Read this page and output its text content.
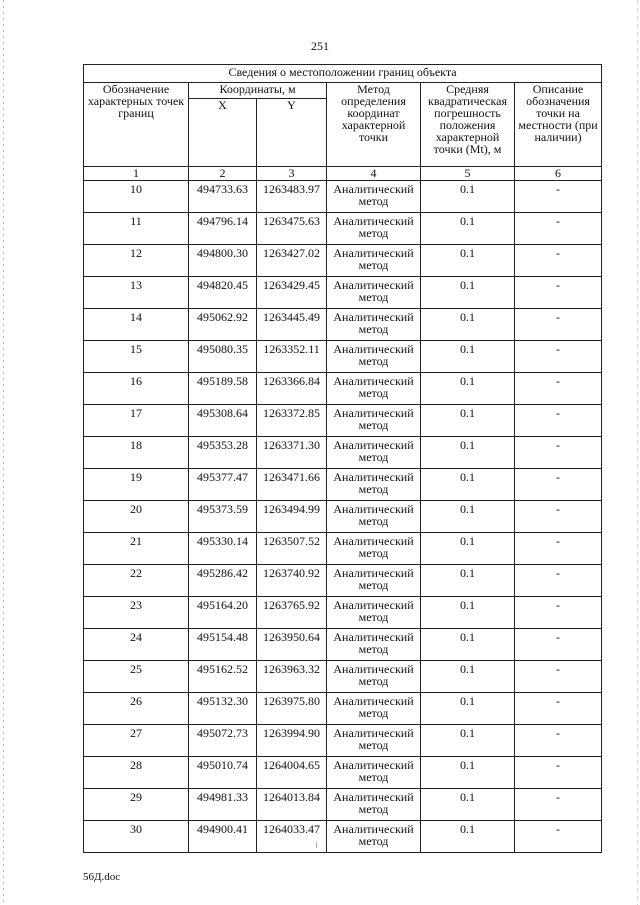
251
Сведения о местоположении границ объекта					
Обозначение характерных точек границ	Координаты, м		Метод определения координат характерной точки	Средняя квадратическая погрешность положения характерной точки (Mt), м	Описание обозначения точки на местности (при наличии)
	X	Y			
1	2	3	4	5	6
10	494733.63	1263483.97	Аналитический метод	0.1	-
11	494796.14	1263475.63	Аналитический метод	0.1	-
12	494800.30	1263427.02	Аналитический метод	0.1	-
13	494820.45	1263429.45	Аналитический метод	0.1	-
14	495062.92	1263445.49	Аналитический метод	0.1	-
15	495080.35	1263352.11	Аналитический метод	0.1	-
16	495189.58	1263366.84	Аналитический метод	0.1	-
17	495308.64	1263372.85	Аналитический метод	0.1	-
18	495353.28	1263371.30	Аналитический метод	0.1	-
19	495377.47	1263471.66	Аналитический метод	0.1	-
20	495373.59	1263494.99	Аналитический метод	0.1	-
21	495330.14	1263507.52	Аналитический метод	0.1	-
22	495286.42	1263740.92	Аналитический метод	0.1	-
23	495164.20	1263765.92	Аналитический метод	0.1	-
24	495154.48	1263950.64	Аналитический метод	0.1	-
25	495162.52	1263963.32	Аналитический метод	0.1	-
26	495132.30	1263975.80	Аналитический метод	0.1	-
27	495072.73	1263994.90	Аналитический метод	0.1	-
28	495010.74	1264004.65	Аналитический метод	0.1	-
29	494981.33	1264013.84	Аналитический метод	0.1	-
30	494900.41	1264033.47	Аналитический метод	0.1	-
56Д.doc
